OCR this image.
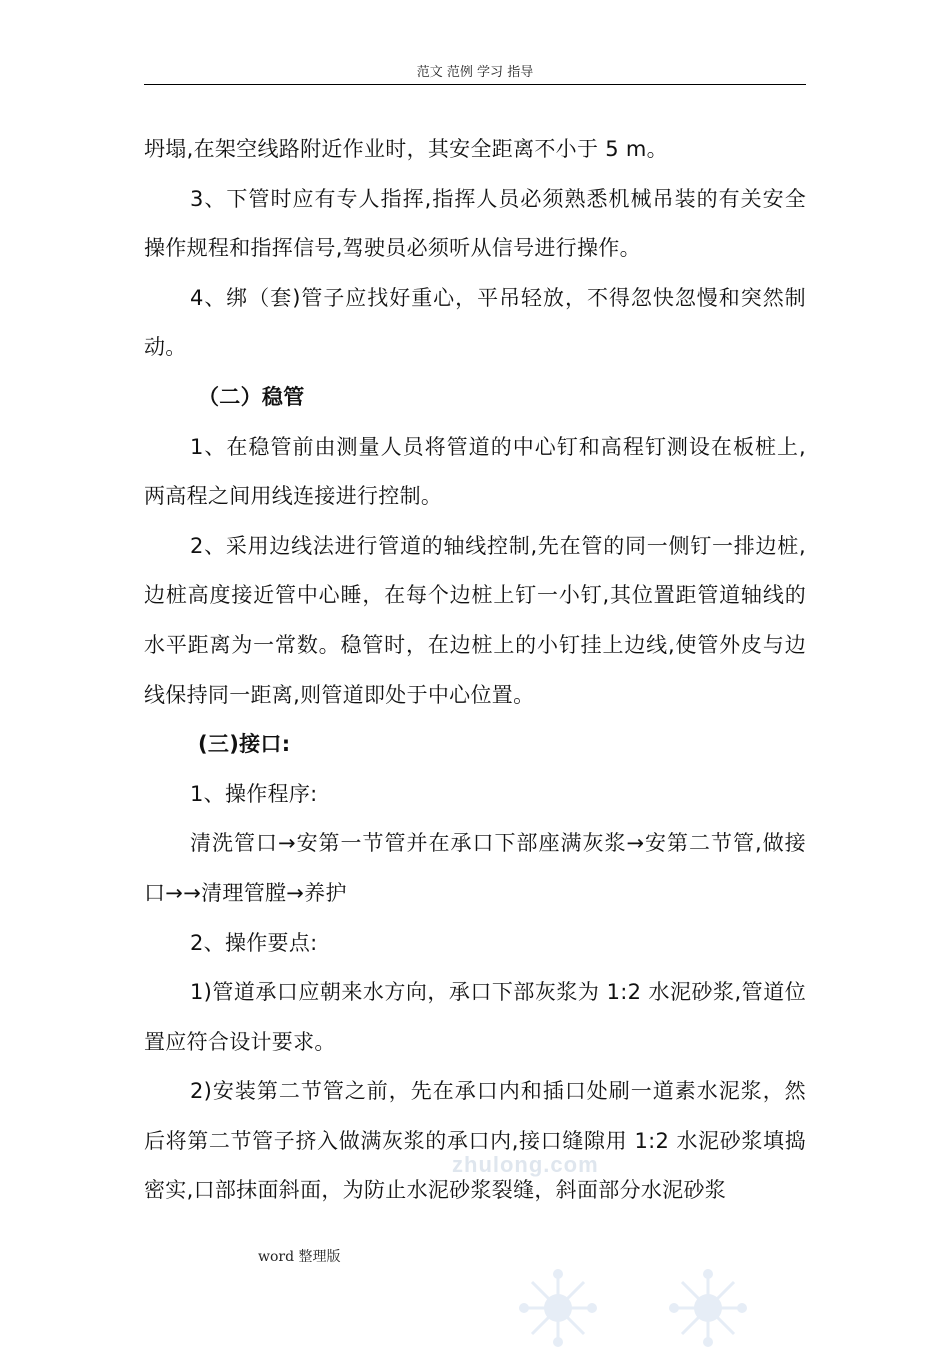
范文 范例 学习 指导

坍塌,在架空线路附近作业时，其安全距离不小于 5 m。

3、下管时应有专人指挥,指挥人员必须熟悉机械吊装的有关安全操作规程和指挥信号,驾驶员必须听从信号进行操作。

4、绑（套)管子应找好重心，平吊轻放，不得忽快忽慢和突然制动。

（二）稳管

1、在稳管前由测量人员将管道的中心钉和高程钉测设在板桩上,两高程之间用线连接进行控制。

2、采用边线法进行管道的轴线控制,先在管的同一侧钉一排边桩,边桩高度接近管中心睡，在每个边桩上钉一小钉,其位置距管道轴线的水平距离为一常数。稳管时，在边桩上的小钉挂上边线,使管外皮与边线保持同一距离,则管道即处于中心位置。

(三)接口:

1、操作程序:

清洗管口→安第一节管并在承口下部座满灰浆→安第二节管,做接口→→清理管膛→养护

2、操作要点:

1)管道承口应朝来水方向，承口下部灰浆为 1:2 水泥砂浆,管道位置应符合设计要求。

2)安装第二节管之前，先在承口内和插口处刷一道素水泥浆，然后将第二节管子挤入做满灰浆的承口内,接口缝隙用 1:2 水泥砂浆填捣密实,口部抹面斜面，为防止水泥砂浆裂缝，斜面部分水泥砂浆

zhulong.com
word 整理版
